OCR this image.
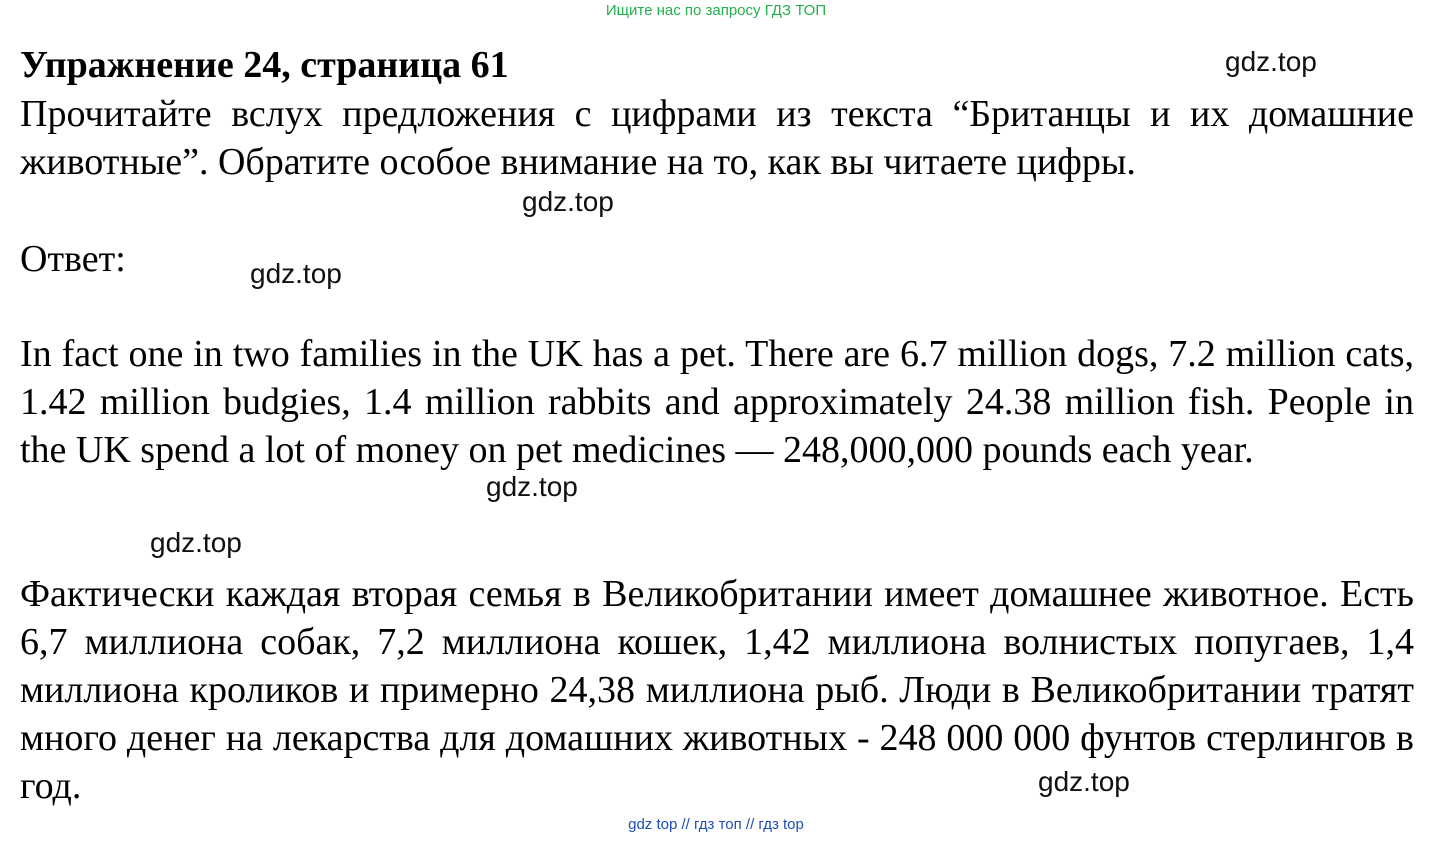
Ищите нас по запросу ГДЗ ТОП
Упражнение 24, страница 61

Прочитайте вслух предложения с цифрами из текста “Британцы и их домашние животные”. Обратите особое внимание на то, как вы читаете цифры.

Ответ:

In fact one in two families in the UK has a pet. There are 6.7 million dogs, 7.2 million cats, 1.42 million budgies, 1.4 million rabbits and approximately 24.38 million fish. People in the UK spend a lot of money on pet medicines — 248,000,000 pounds each year.

Фактически каждая вторая семья в Великобритании имеет домашнее животное. Есть 6,7 миллиона собак, 7,2 миллиона кошек, 1,42 миллиона волнистых попугаев, 1,4 миллиона кроликов и примерно 24,38 миллиона рыб. Люди в Великобритании тратят много денег на лекарства для домашних животных - 248 000 000 фунтов стерлингов в год.

gdz.top
gdz.top
gdz.top
gdz.top
gdz.top
gdz.top
gdz top // гдз топ // гдз top
